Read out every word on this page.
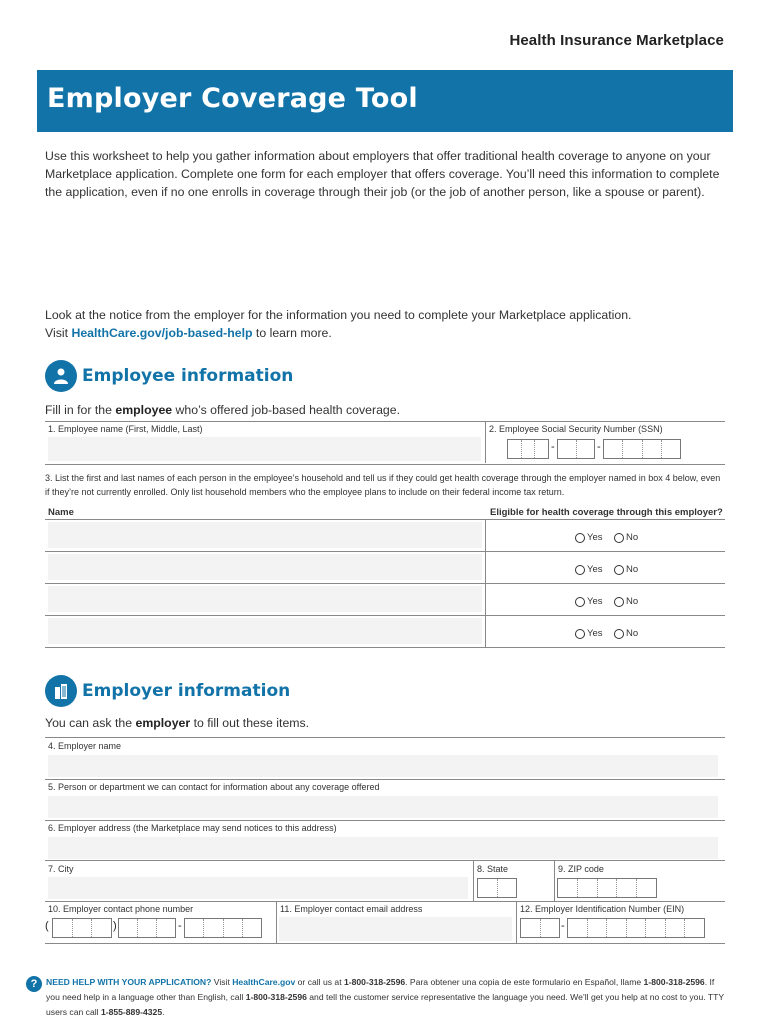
Health Insurance Marketplace
Employer Coverage Tool

Use this worksheet to help you gather information about employers that offer traditional health coverage to anyone on your Marketplace application. Complete one form for each employer that offers coverage. You’ll need this information to complete the application, even if no one enrolls in coverage through their job (or the job of another person, like a spouse or parent).

Look at the notice from the employer for the information you need to complete your Marketplace application.
Visit HealthCare.gov/job-based-help to learn more.

Employee information
Fill in for the employee who’s offered job-based health coverage.
1. Employee name (First, Middle, Last)	2. Employee Social Security Number (SSN)
-	-
3. List the first and last names of each person in the employee’s household and tell us if they could get health coverage through the employer named in box 4 below, even if they’re not currently enrolled. Only list household members who the employee plans to include on their federal income tax return.
Name	Eligible for health coverage through this employer?
Yes No
Yes No
Yes No
Yes No
Employer information
You can ask the employer to fill out these items.
4. Employer name
5. Person or department we can contact for information about any coverage offered
6. Employer address (the Marketplace may send notices to this address)
7. City	8. State	9. ZIP code
10. Employer contact phone number
(	)	-
11. Employer contact email address	12. Employer Identification Number (EIN)
-
?	NEED HELP WITH YOUR APPLICATION? Visit HealthCare.gov or call us at 1-800-318-2596. Para obtener una copia de este formulario en Español, llame 1-800-318-2596. If you need help in a language other than English, call 1-800-318-2596 and tell the customer service representative the language you need. We’ll get you help at no cost to you. TTY users can call 1-855-889-4325.
